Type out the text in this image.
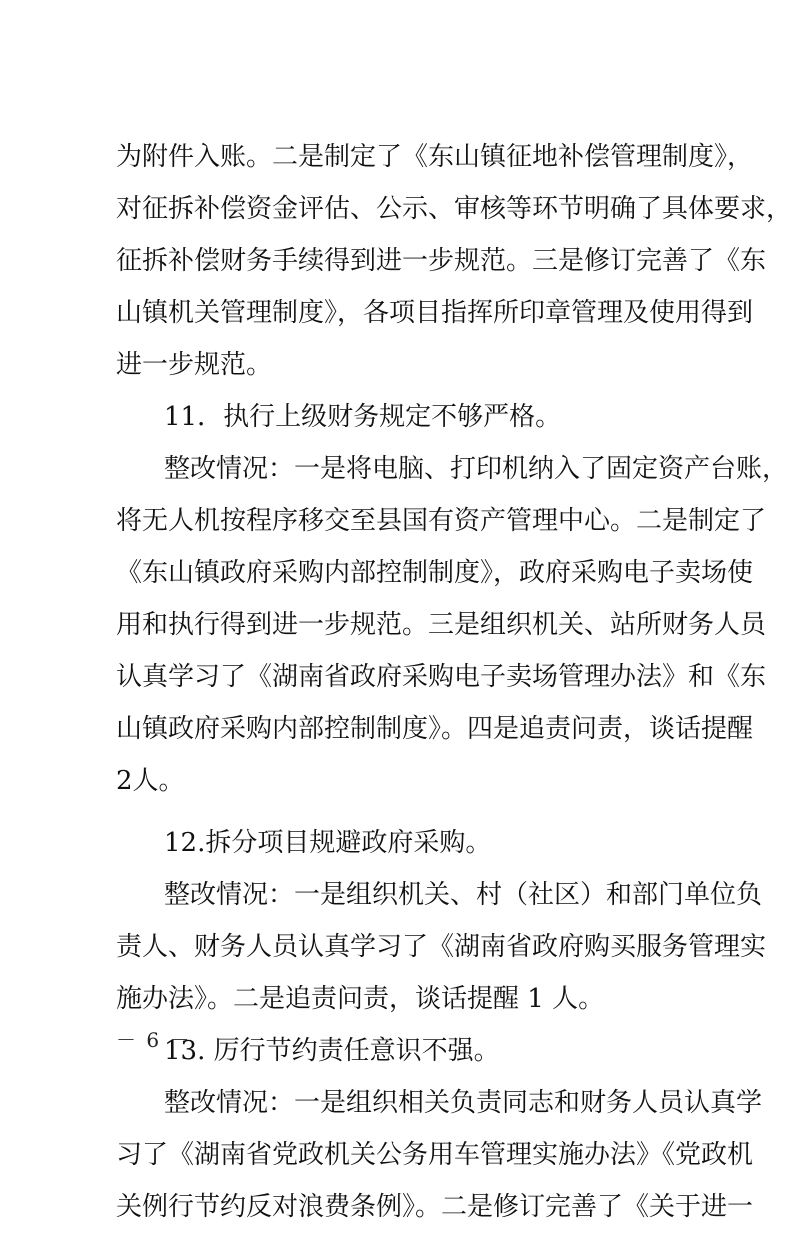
为附件入账。二是制定了《东山镇征地补偿管理制度》，
对征拆补偿资金评估、公示、审核等环节明确了具体要求，
征拆补偿财务手续得到进一步规范。三是修订完善了《东
山镇机关管理制度》，各项目指挥所印章管理及使用得到
进一步规范。
11．执行上级财务规定不够严格。
整改情况：一是将电脑、打印机纳入了固定资产台账，
将无人机按程序移交至县国有资产管理中心。二是制定了
《东山镇政府采购内部控制制度》，政府采购电子卖场使
用和执行得到进一步规范。三是组织机关、站所财务人员
认真学习了《湖南省政府采购电子卖场管理办法》和《东
山镇政府采购内部控制制度》。四是追责问责，谈话提醒
2人。
12.拆分项目规避政府采购。
整改情况：一是组织机关、村（社区）和部门单位负
责人、财务人员认真学习了《湖南省政府购买服务管理实
施办法》。二是追责问责，谈话提醒 1 人。
13. 厉行节约责任意识不强。
整改情况：一是组织相关负责同志和财务人员认真学
习了《湖南省党政机关公务用车管理实施办法》《党政机
关例行节约反对浪费条例》。二是修订完善了《关于进一
－ 6 －
